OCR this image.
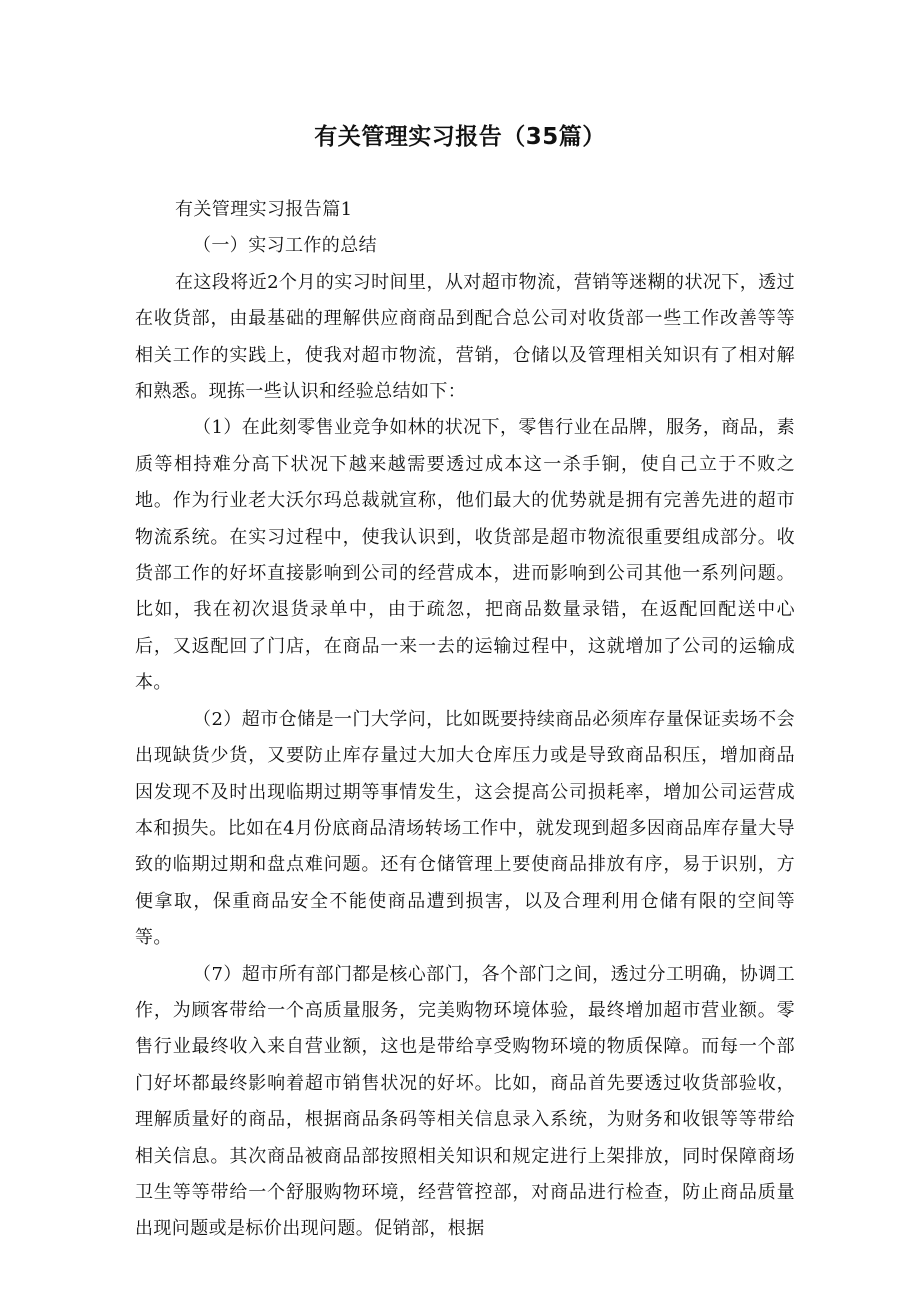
有关管理实习报告（35篇）

有关管理实习报告篇1

（一）实习工作的总结

在这段将近2个月的实习时间里，从对超市物流，营销等迷糊的状况下，透过在收货部，由最基础的理解供应商商品到配合总公司对收货部一些工作改善等等相关工作的实践上，使我对超市物流，营销，仓储以及管理相关知识有了相对解和熟悉。现拣一些认识和经验总结如下：

（1）在此刻零售业竞争如林的状况下，零售行业在品牌，服务，商品，素质等相持难分高下状况下越来越需要透过成本这一杀手锏，使自己立于不败之地。作为行业老大沃尔玛总裁就宣称，他们最大的优势就是拥有完善先进的超市物流系统。在实习过程中，使我认识到，收货部是超市物流很重要组成部分。收货部工作的好坏直接影响到公司的经营成本，进而影响到公司其他一系列问题。比如，我在初次退货录单中，由于疏忽，把商品数量录错，在返配回配送中心后，又返配回了门店，在商品一来一去的运输过程中，这就增加了公司的运输成本。

（2）超市仓储是一门大学问，比如既要持续商品必须库存量保证卖场不会出现缺货少货，又要防止库存量过大加大仓库压力或是导致商品积压，增加商品因发现不及时出现临期过期等事情发生，这会提高公司损耗率，增加公司运营成本和损失。比如在4月份底商品清场转场工作中，就发现到超多因商品库存量大导致的临期过期和盘点难问题。还有仓储管理上要使商品排放有序，易于识别，方便拿取，保重商品安全不能使商品遭到损害，以及合理利用仓储有限的空间等等。

（7）超市所有部门都是核心部门，各个部门之间，透过分工明确，协调工作，为顾客带给一个高质量服务，完美购物环境体验，最终增加超市营业额。零售行业最终收入来自营业额，这也是带给享受购物环境的物质保障。而每一个部门好坏都最终影响着超市销售状况的好坏。比如，商品首先要透过收货部验收，理解质量好的商品，根据商品条码等相关信息录入系统，为财务和收银等等带给相关信息。其次商品被商品部按照相关知识和规定进行上架排放，同时保障商场卫生等等带给一个舒服购物环境，经营管控部，对商品进行检查，防止商品质量出现问题或是标价出现问题。促销部，根据
